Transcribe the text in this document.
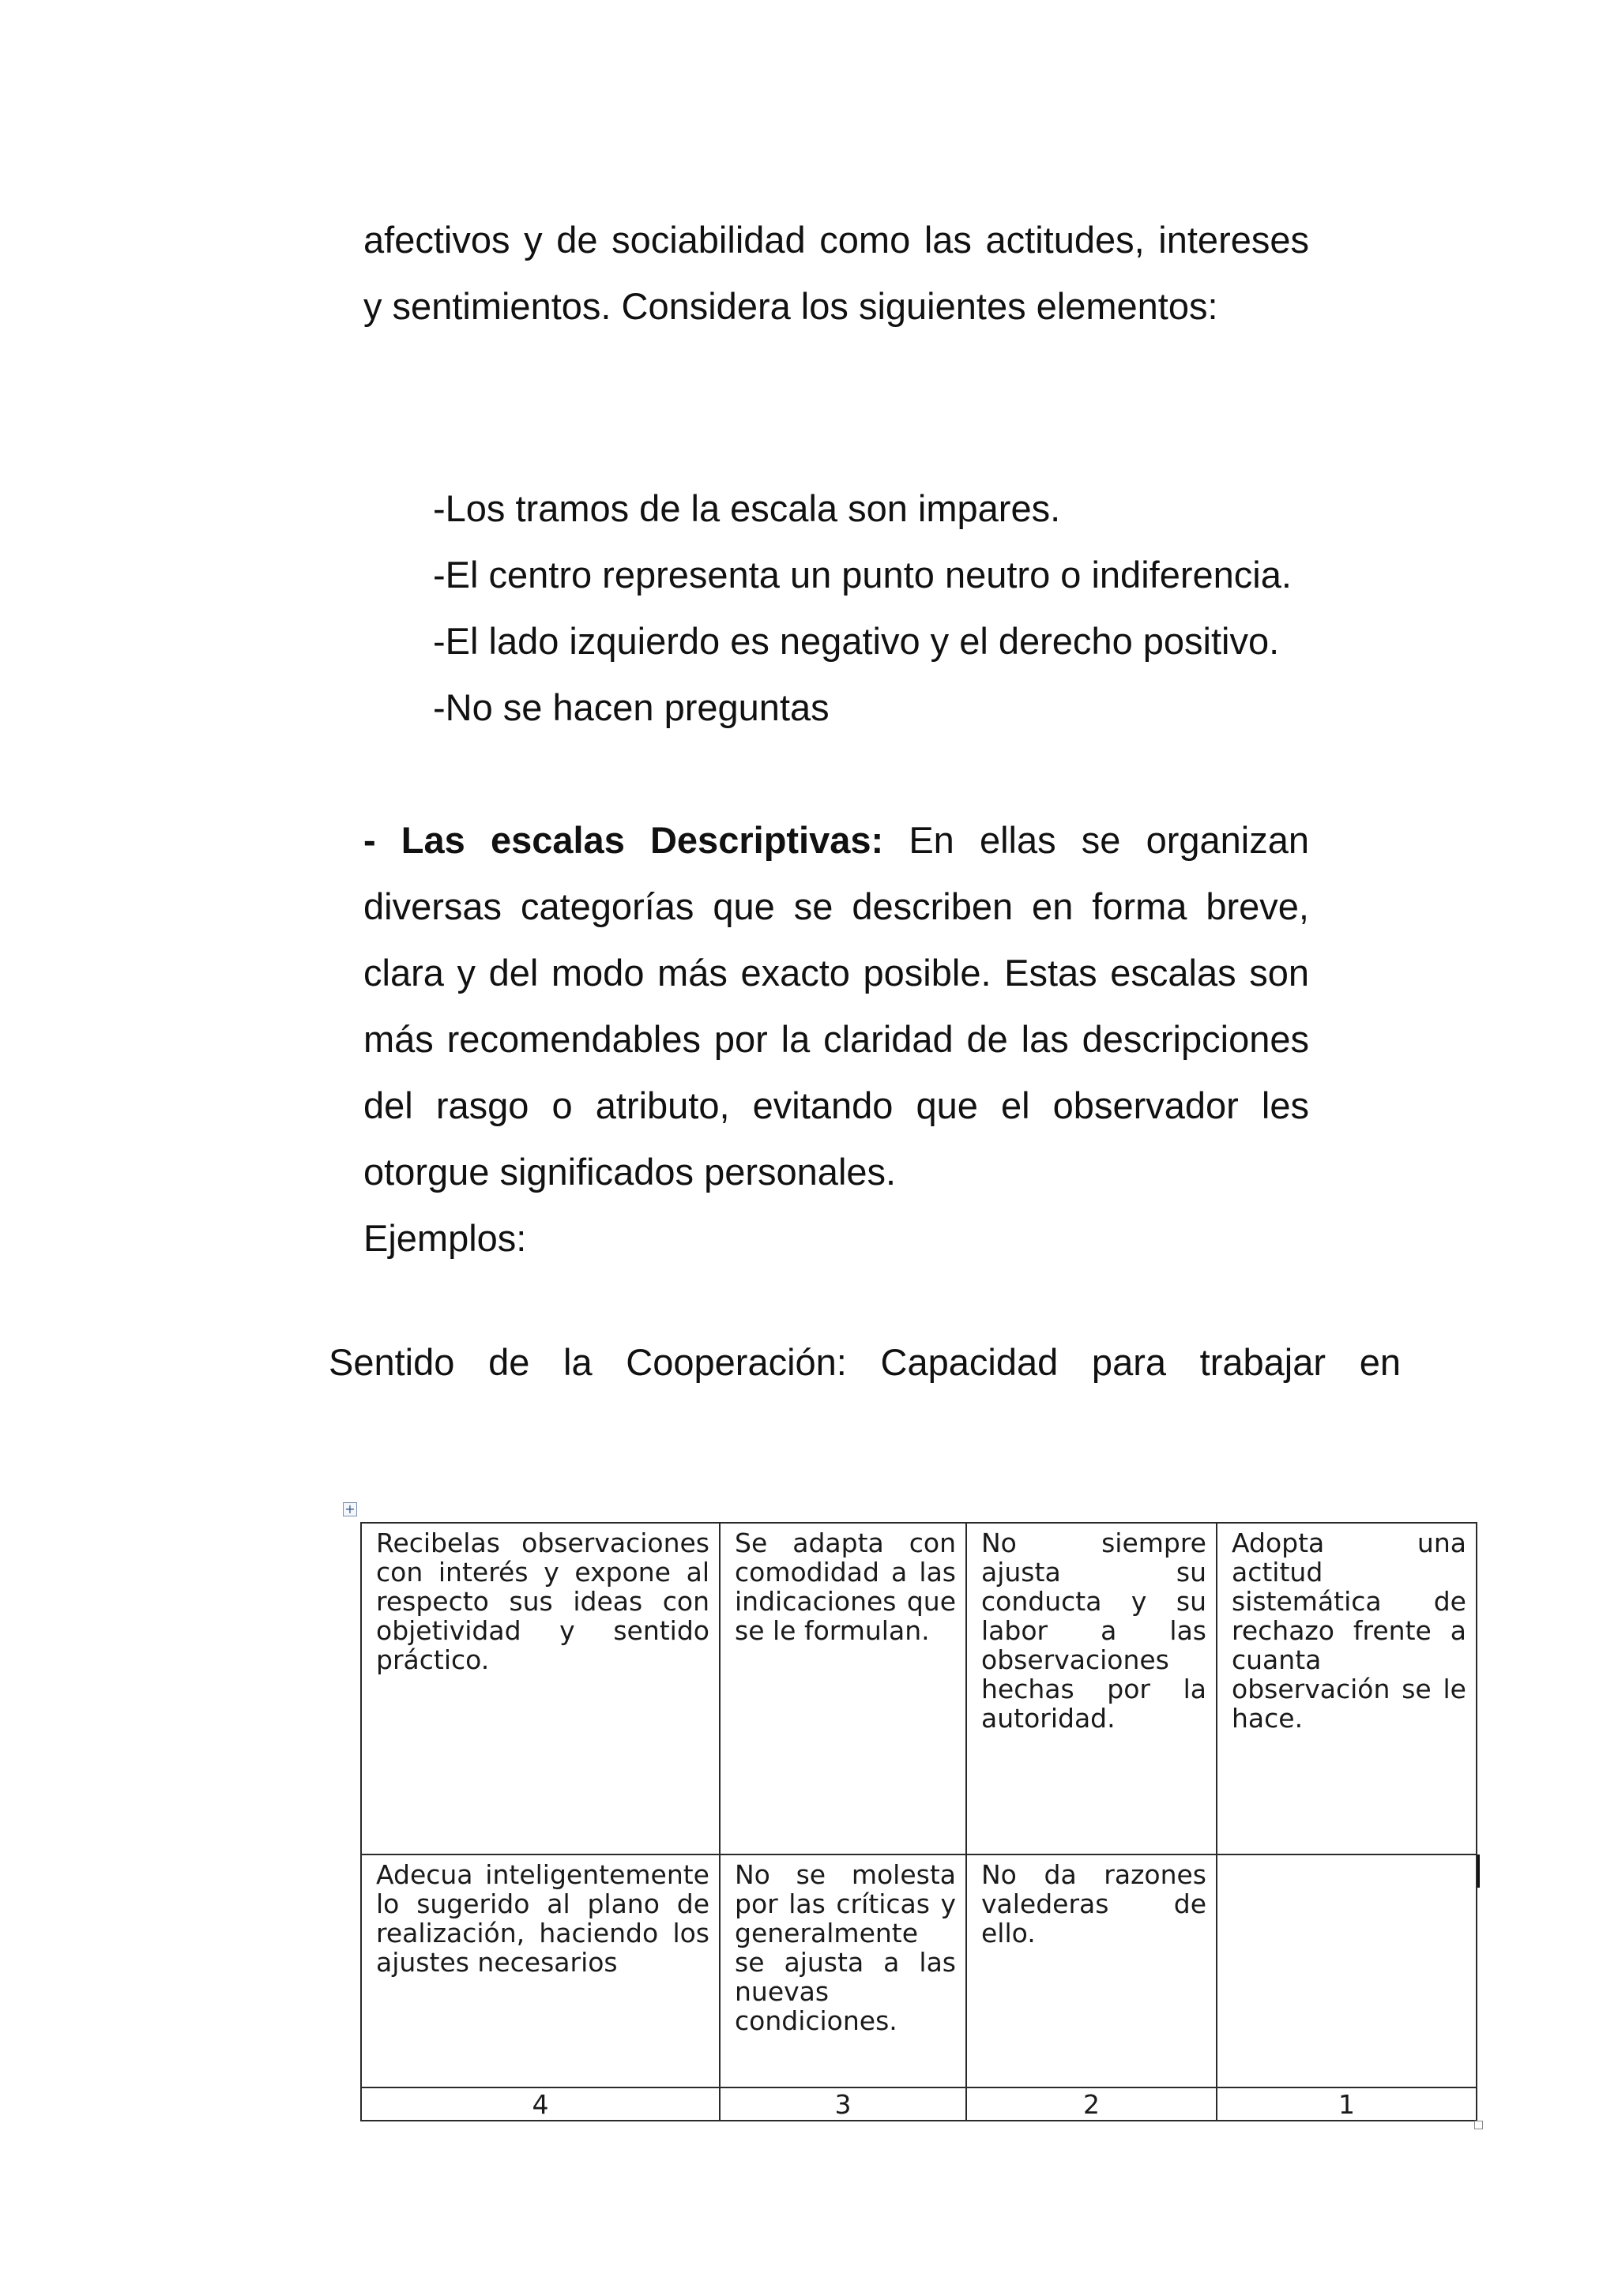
afectivos y de sociabilidad como las actitudes, intereses y sentimientos. Considera los siguientes elementos:

-Los tramos de la escala son impares.
-El centro representa un punto neutro o indiferencia.
-El lado izquierdo es negativo y el derecho positivo.
-No se hacen preguntas

- Las escalas Descriptivas: En ellas se organizan diversas categorías que se describen en forma breve, clara y del modo más exacto posible. Estas escalas son más recomendables por la claridad de las descripciones del rasgo o atributo, evitando que el observador les otorgue significados personales.
Ejemplos:

Sentido de la Cooperación: Capacidad para trabajar en

+
Recibelas observaciones con interés y expone al respecto sus ideas con objetividad y sentido práctico.	Se adapta con comodidad a las indicaciones que se le formulan.	No siempre ajusta su conducta y su labor a las observaciones hechas por la autoridad.	Adopta una actitud sistemática de rechazo frente a cuanta observación se le hace.
Adecua inteligentemente lo sugerido al plano de realización, haciendo los ajustes necesarios	No se molesta por las críticas y generalmente se ajusta a las nuevas condiciones.	No da razones valederas de ello.	
4	3	2	1
